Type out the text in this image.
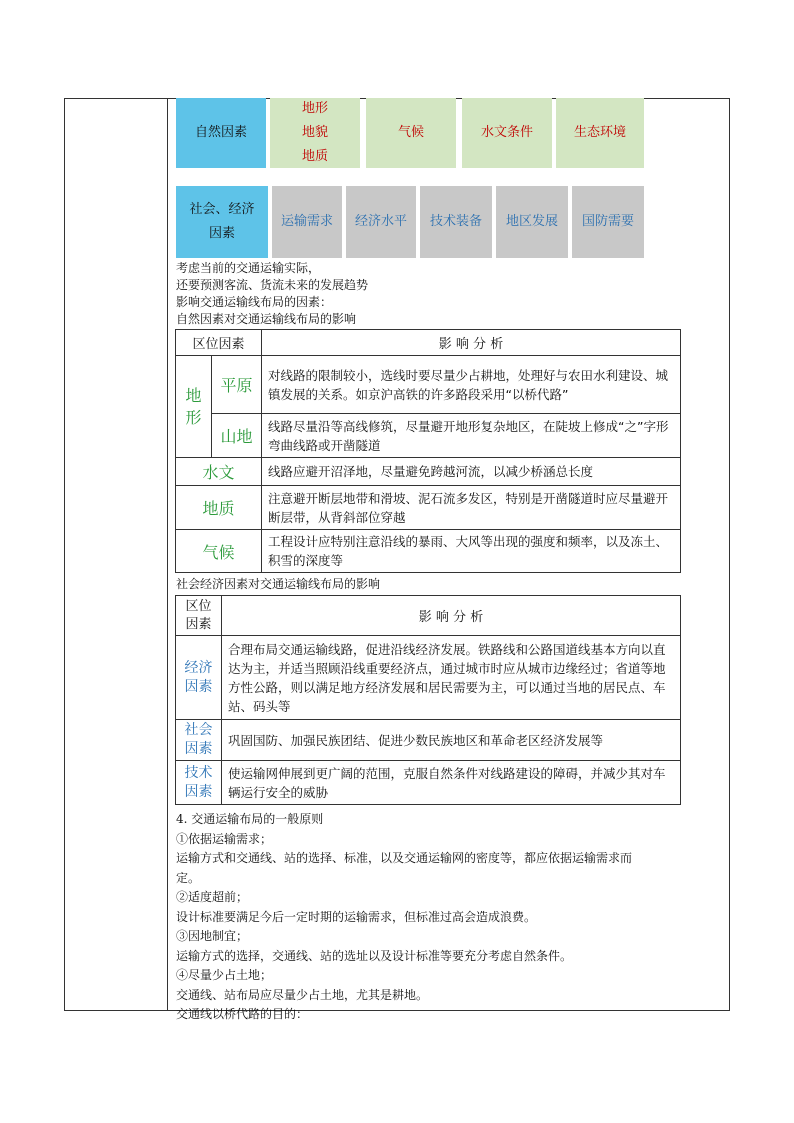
自然因素
地形
地貌
地质
气候	水文条件	生态环境
社会、经济
因素
运输需求 经济水平 技术装备 地区发展 国防需要
考虑当前的交通运输实际，
还要预测客流、货流未来的发展趋势
影响交通运输线布局的因素：
自然因素对交通运输线布局的影响
区位因素		影 响 分 析
地形	平原	对线路的限制较小，选线时要尽量少占耕地，处理好与农田水利建设、城镇发展的关系。如京沪高铁的许多路段采用“以桥代路”
	山地	线路尽量沿等高线修筑，尽量避开地形复杂地区，在陡坡上修成“之”字形弯曲线路或开凿隧道
水文		线路应避开沼泽地，尽量避免跨越河流，以减少桥涵总长度
地质		注意避开断层地带和滑坡、泥石流多发区，特别是开凿隧道时应尽量避开断层带，从背斜部位穿越
气候		工程设计应特别注意沿线的暴雨、大风等出现的强度和频率，以及冻土、积雪的深度等
社会经济因素对交通运输线布局的影响
区位
因素	影 响 分 析

经济
因素	合理布局交通运输线路，促进沿线经济发展。铁路线和公路国道线基本方向以直达为主，并适当照顾沿线重要经济点，通过城市时应从城市边缘经过；省道等地方性公路，则以满足地方经济发展和居民需要为主，可以通过当地的居民点、车站、码头等

社会
因素	巩固国防、加强民族团结、促进少数民族地区和革命老区经济发展等

技术
因素	使运输网伸展到更广阔的范围，克服自然条件对线路建设的障碍，并减少其对车辆运行安全的威胁
4. 交通运输布局的一般原则
①依据运输需求；
运输方式和交通线、站的选择、标准，以及交通运输网的密度等，都应依据运输需求而
定。
②适度超前；
设计标准要满足今后一定时期的运输需求，但标准过高会造成浪费。
③因地制宜；
运输方式的选择，交通线、站的选址以及设计标准等要充分考虑自然条件。
④尽量少占土地；
交通线、站布局应尽量少占土地，尤其是耕地。
交通线以桥代路的目的：
